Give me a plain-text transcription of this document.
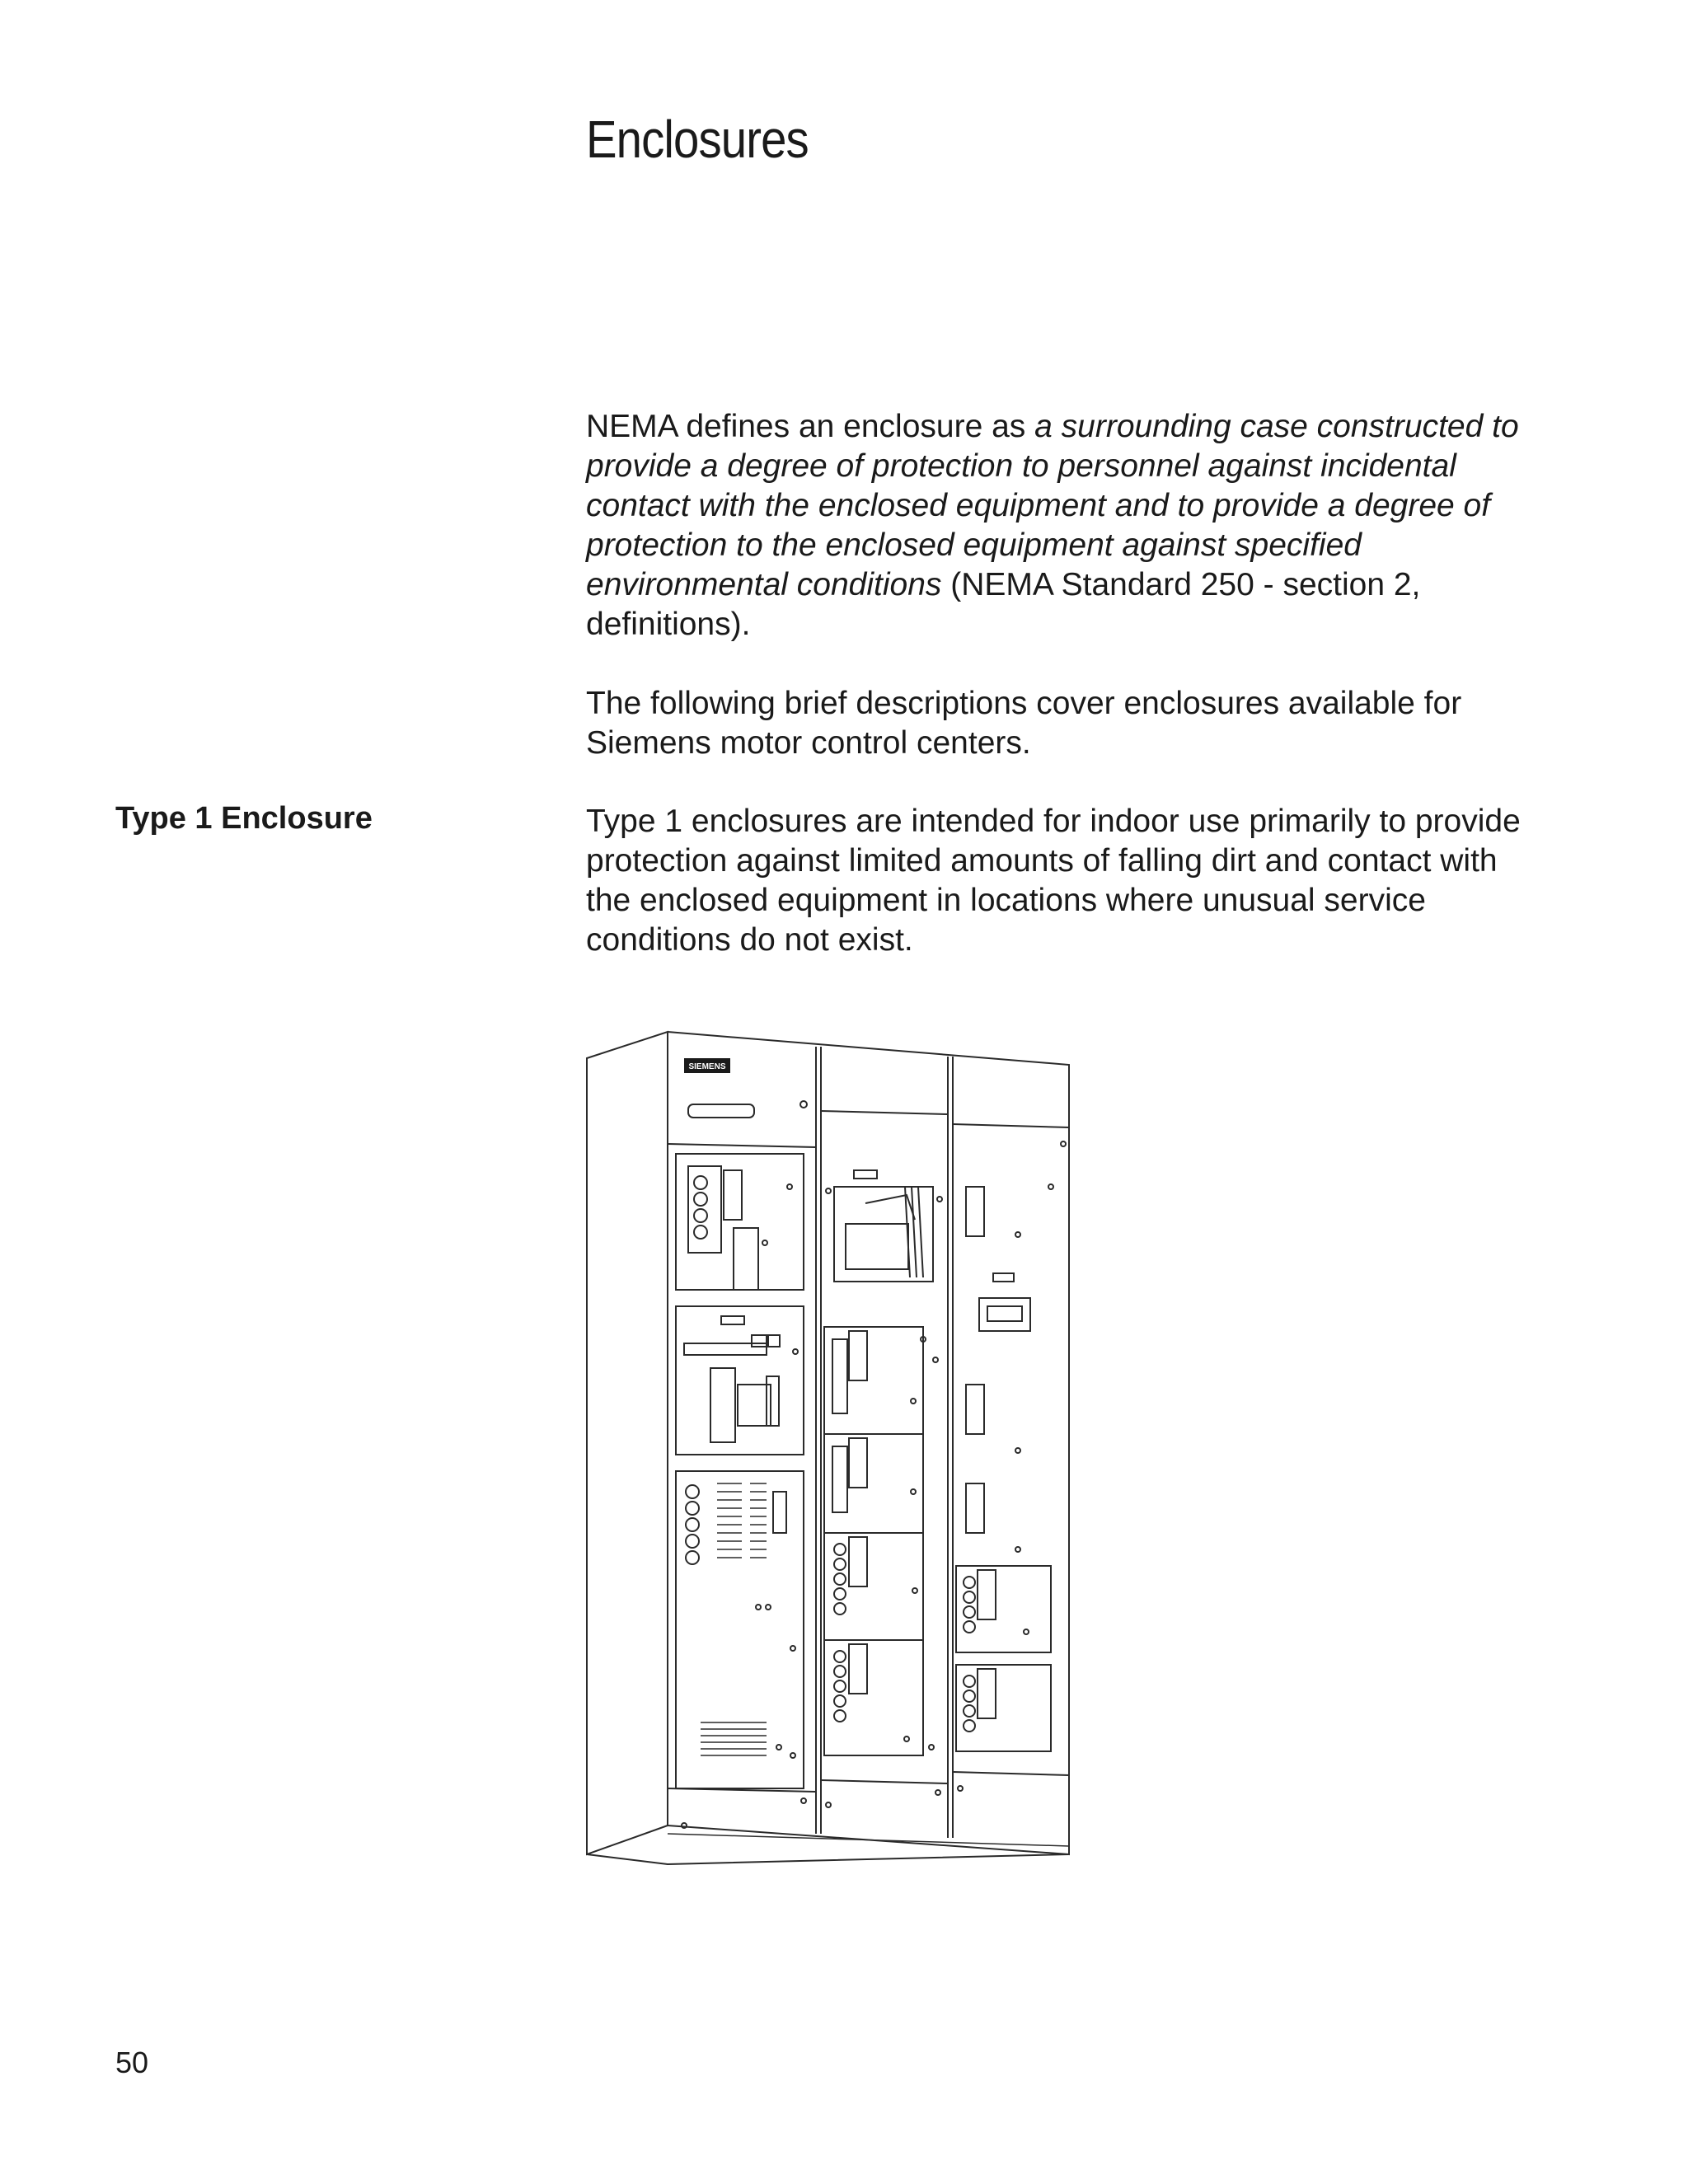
Enclosures

NEMA defines an enclosure as a surrounding case constructed to provide a degree of protection to personnel against incidental contact with the enclosed equipment and to provide a degree of protection to the enclosed equipment against specified environmental conditions (NEMA Standard 250 - section 2, definitions).

The following brief descriptions cover enclosures available for Siemens motor control centers.

Type 1 Enclosure	Type 1 enclosures are intended for indoor use primarily to provide protection against limited amounts of falling dirt and contact with the enclosed equipment in locations where unusual service conditions do not exist.

SIEMENS
50
